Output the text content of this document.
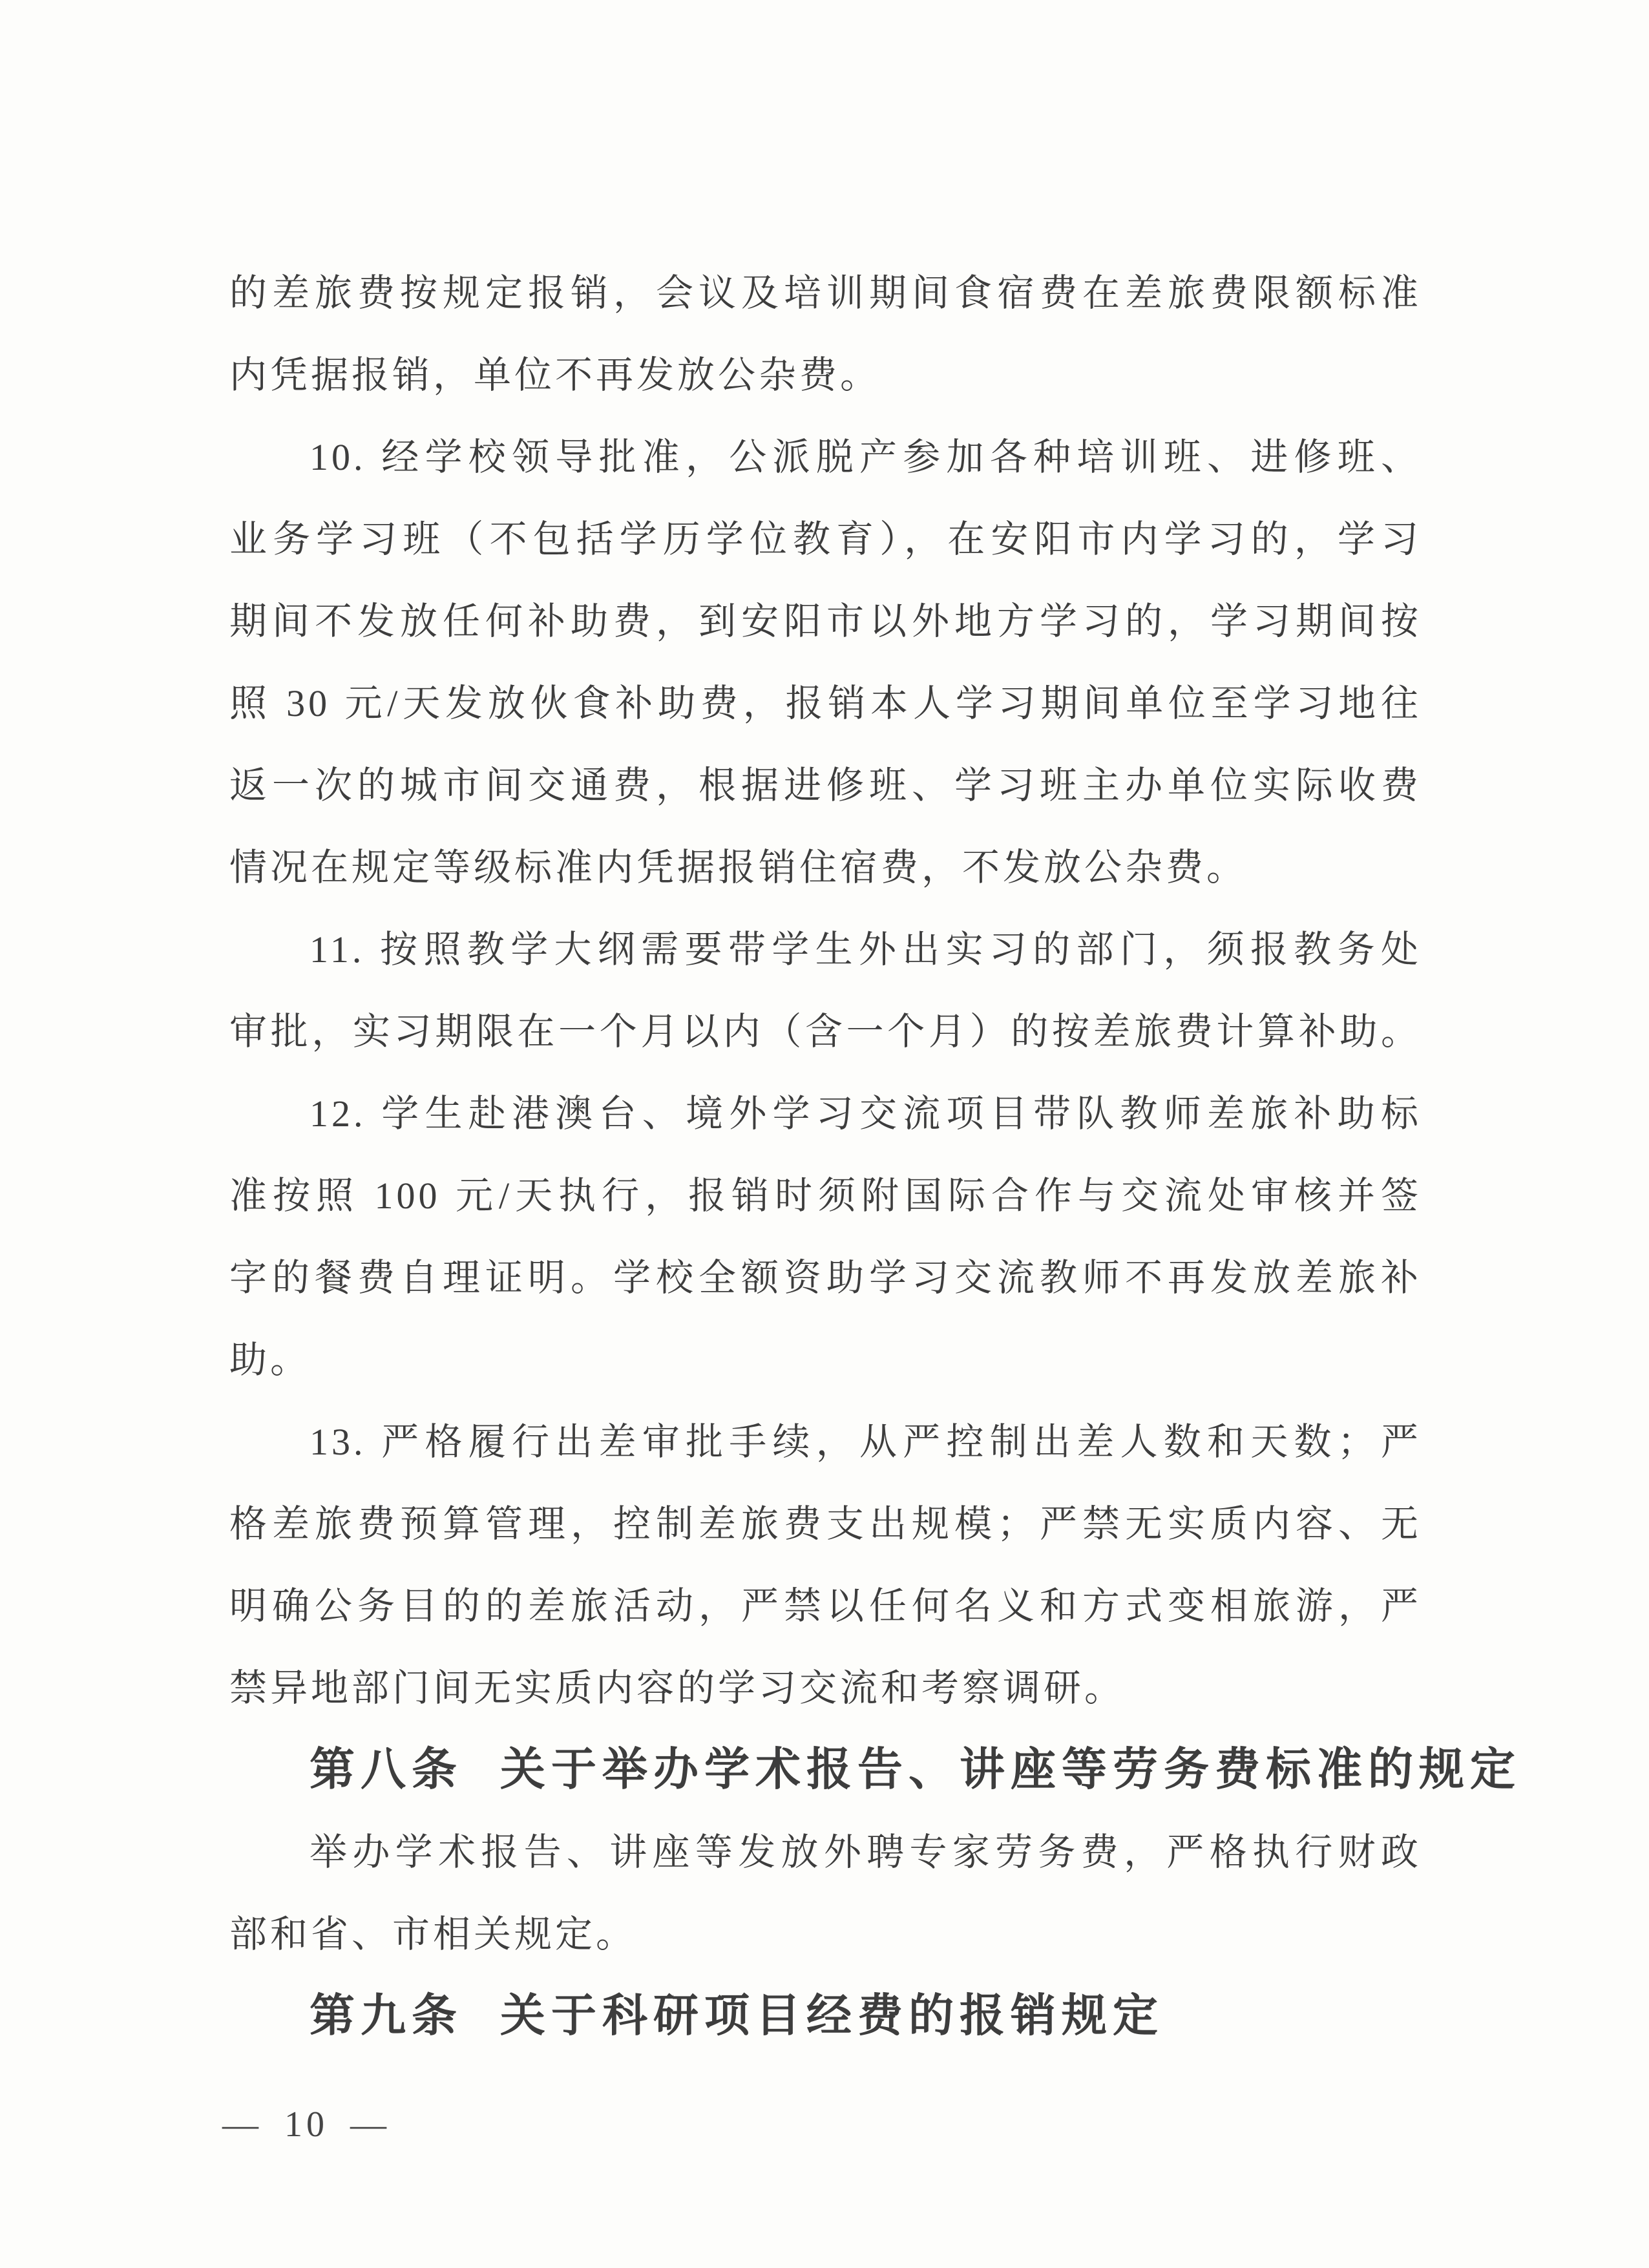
的差旅费按规定报销，会议及培训期间食宿费在差旅费限额标准
内凭据报销，单位不再发放公杂费。
10. 经学校领导批准，公派脱产参加各种培训班、进修班、
业务学习班（不包括学历学位教育），在安阳市内学习的，学习
期间不发放任何补助费，到安阳市以外地方学习的，学习期间按
照 30 元/天发放伙食补助费，报销本人学习期间单位至学习地往
返一次的城市间交通费，根据进修班、学习班主办单位实际收费
情况在规定等级标准内凭据报销住宿费，不发放公杂费。
11. 按照教学大纲需要带学生外出实习的部门，须报教务处
审批，实习期限在一个月以内（含一个月）的按差旅费计算补助。
12. 学生赴港澳台、境外学习交流项目带队教师差旅补助标
准按照 100 元/天执行，报销时须附国际合作与交流处审核并签
字的餐费自理证明。学校全额资助学习交流教师不再发放差旅补
助。
13. 严格履行出差审批手续，从严控制出差人数和天数；严
格差旅费预算管理，控制差旅费支出规模；严禁无实质内容、无
明确公务目的的差旅活动，严禁以任何名义和方式变相旅游，严
禁异地部门间无实质内容的学习交流和考察调研。
第八条 关于举办学术报告、讲座等劳务费标准的规定
举办学术报告、讲座等发放外聘专家劳务费，严格执行财政
部和省、市相关规定。
第九条 关于科研项目经费的报销规定
— 10 —
